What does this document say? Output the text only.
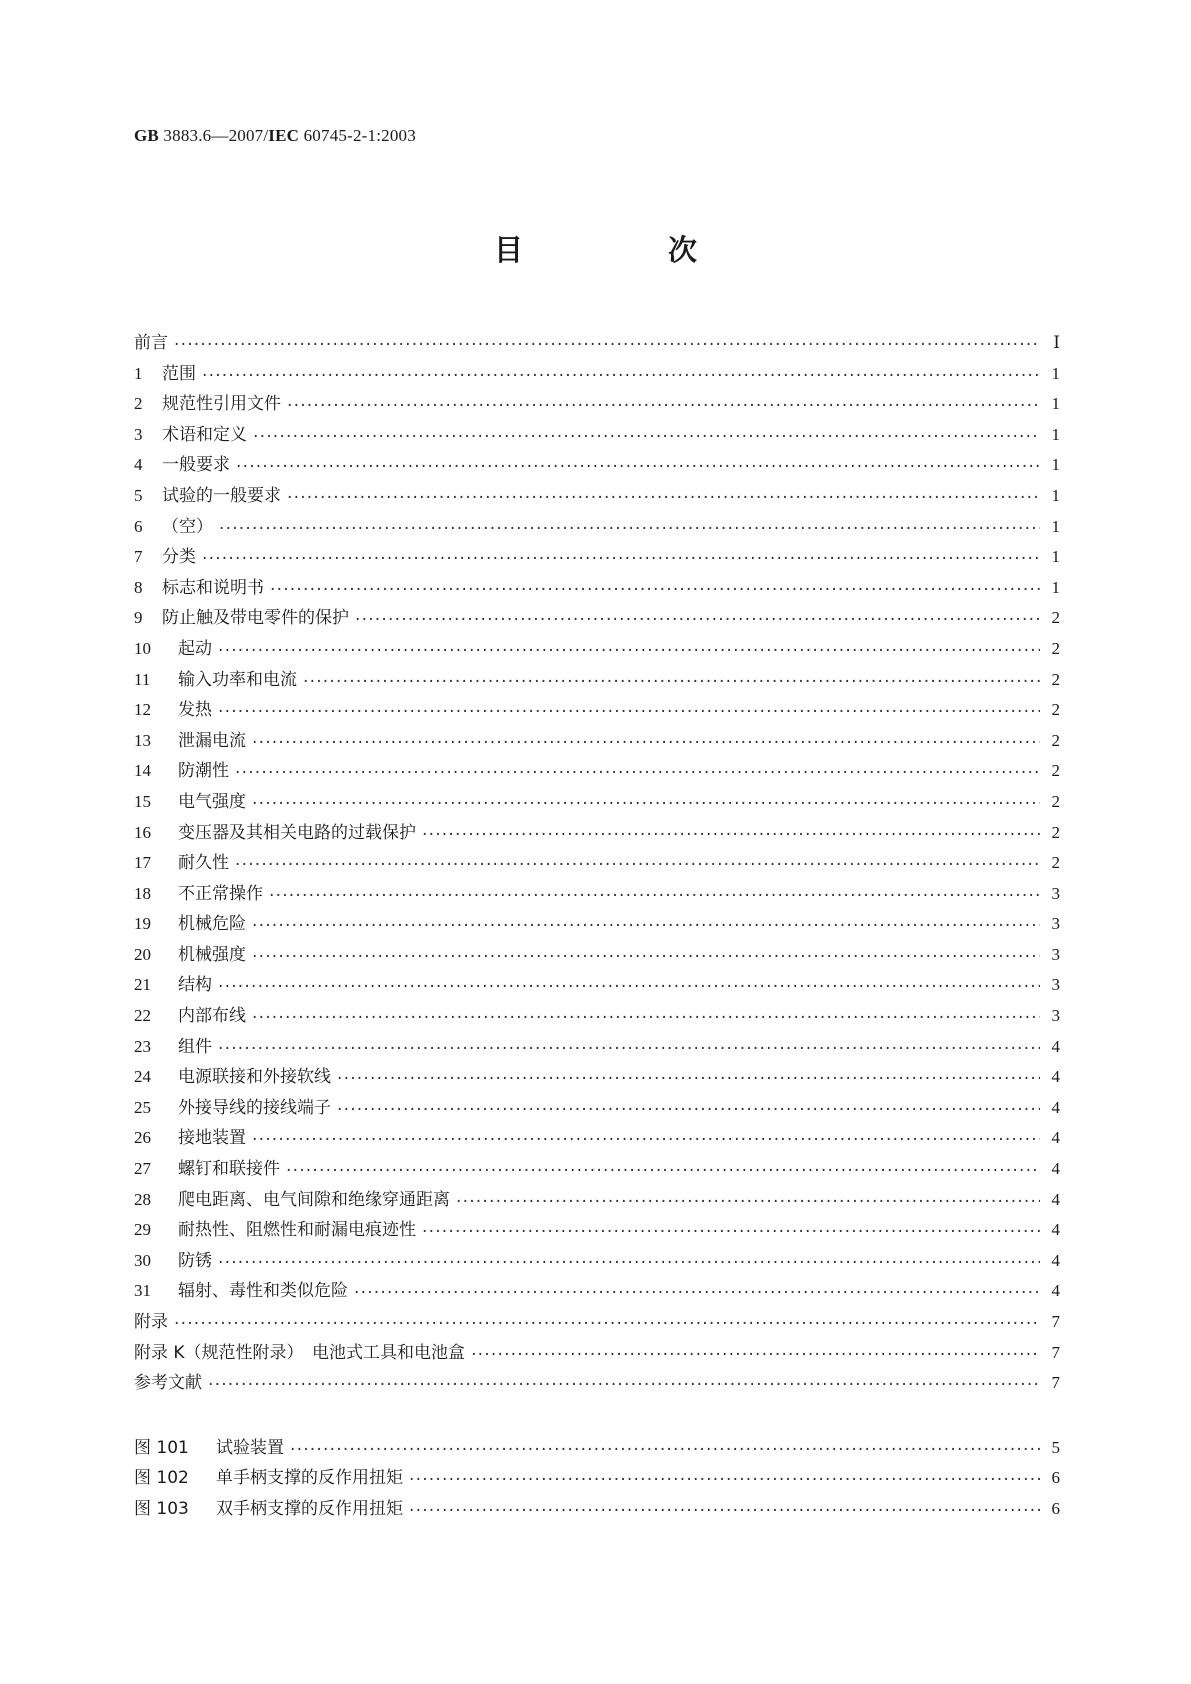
GB 3883.6—2007/IEC 60745-2-1:2003
目　次
前言 ·····	Ⅰ
1	范围 ·····	1
2	规范性引用文件 ·····	1
3	术语和定义 ·····	1
4	一般要求 ·····	1
5	试验的一般要求 ·····	1
6	（空） ·····	1
7	分类 ·····	1
8	标志和说明书 ·····	1
9	防止触及带电零件的保护 ·····	2
10	起动 ·····	2
11	输入功率和电流 ·····	2
12	发热 ·····	2
13	泄漏电流 ·····	2
14	防潮性 ·····	2
15	电气强度 ·····	2
16	变压器及其相关电路的过载保护 ·····	2
17	耐久性 ·····	2
18	不正常操作 ·····	3
19	机械危险 ·····	3
20	机械强度 ·····	3
21	结构 ·····	3
22	内部布线 ·····	3
23	组件 ·····	4
24	电源联接和外接软线 ·····	4
25	外接导线的接线端子 ·····	4
26	接地装置 ·····	4
27	螺钉和联接件 ·····	4
28	爬电距离、电气间隙和绝缘穿通距离 ·····	4
29	耐热性、阻燃性和耐漏电痕迹性 ·····	4
30	防锈 ·····	4
31	辐射、毒性和类似危险 ·····	4
附录 ·····	7
附录 K（规范性附录）　电池式工具和电池盒 ·····	7
参考文献 ·····	7
图 101	试验装置 ·····	5
图 102	单手柄支撑的反作用扭矩 ·····	6
图 103	双手柄支撑的反作用扭矩 ·····	6
